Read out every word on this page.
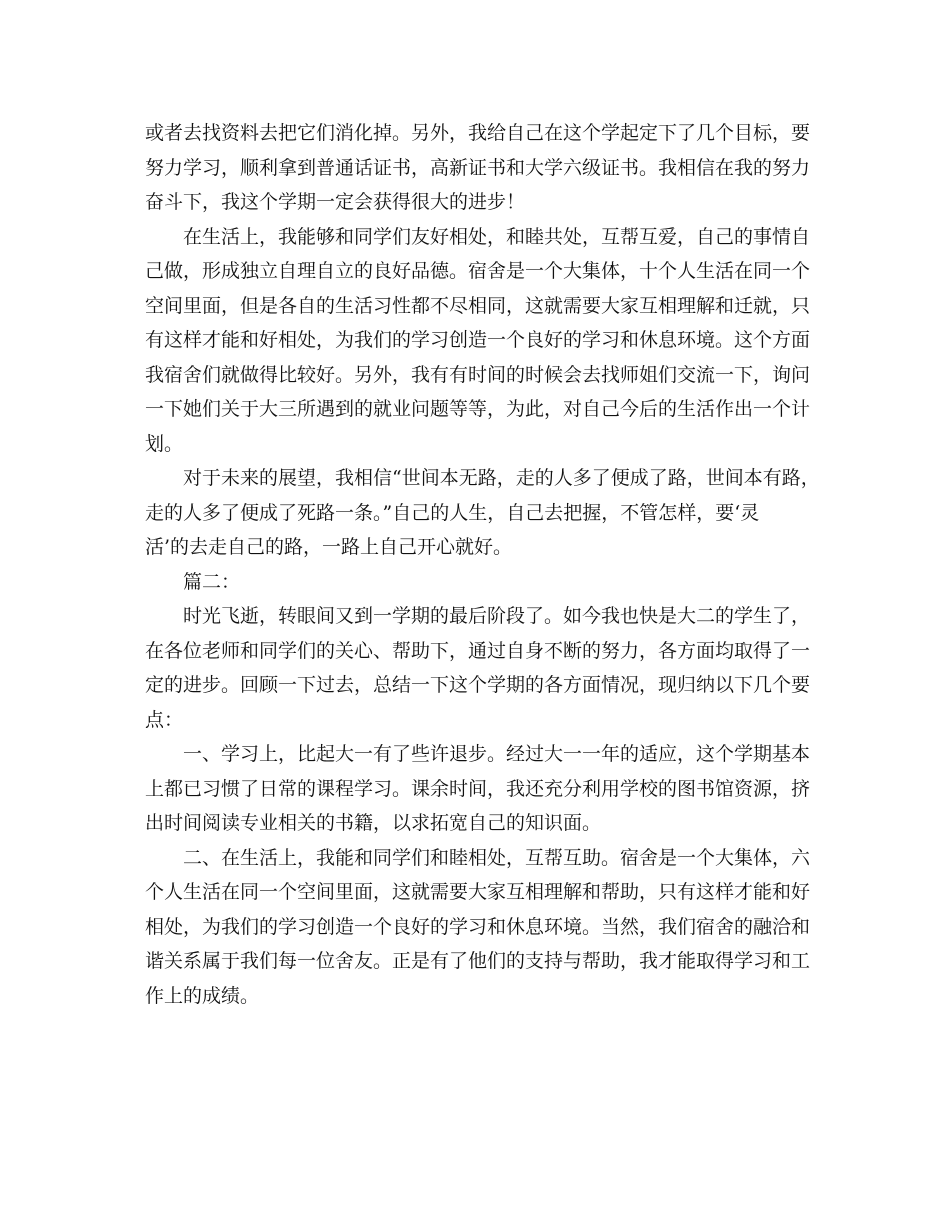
或者去找资料去把它们消化掉。另外，我给自己在这个学起定下了几个目标，要
努力学习，顺利拿到普通话证书，高新证书和大学六级证书。我相信在我的努力
奋斗下，我这个学期一定会获得很大的进步！
在生活上，我能够和同学们友好相处，和睦共处，互帮互爱，自己的事情自
己做，形成独立自理自立的良好品德。宿舍是一个大集体，十个人生活在同一个
空间里面，但是各自的生活习性都不尽相同，这就需要大家互相理解和迁就，只
有这样才能和好相处，为我们的学习创造一个良好的学习和休息环境。这个方面
我宿舍们就做得比较好。另外，我有有时间的时候会去找师姐们交流一下，询问
一下她们关于大三所遇到的就业问题等等，为此，对自己今后的生活作出一个计
划。
对于未来的展望，我相信“世间本无路，走的人多了便成了路，世间本有路，
走的人多了便成了死路一条。”自己的人生，自己去把握，不管怎样，要‘灵
活’的去走自己的路，一路上自己开心就好。
篇二：
时光飞逝，转眼间又到一学期的最后阶段了。如今我也快是大二的学生了，
在各位老师和同学们的关心、帮助下，通过自身不断的努力，各方面均取得了一
定的进步。回顾一下过去，总结一下这个学期的各方面情况，现归纳以下几个要
点：
一、学习上，比起大一有了些许退步。经过大一一年的适应，这个学期基本
上都已习惯了日常的课程学习。课余时间，我还充分利用学校的图书馆资源，挤
出时间阅读专业相关的书籍，以求拓宽自己的知识面。
二、在生活上，我能和同学们和睦相处，互帮互助。宿舍是一个大集体，六
个人生活在同一个空间里面，这就需要大家互相理解和帮助，只有这样才能和好
相处，为我们的学习创造一个良好的学习和休息环境。当然，我们宿舍的融洽和
谐关系属于我们每一位舍友。正是有了他们的支持与帮助，我才能取得学习和工
作上的成绩。
